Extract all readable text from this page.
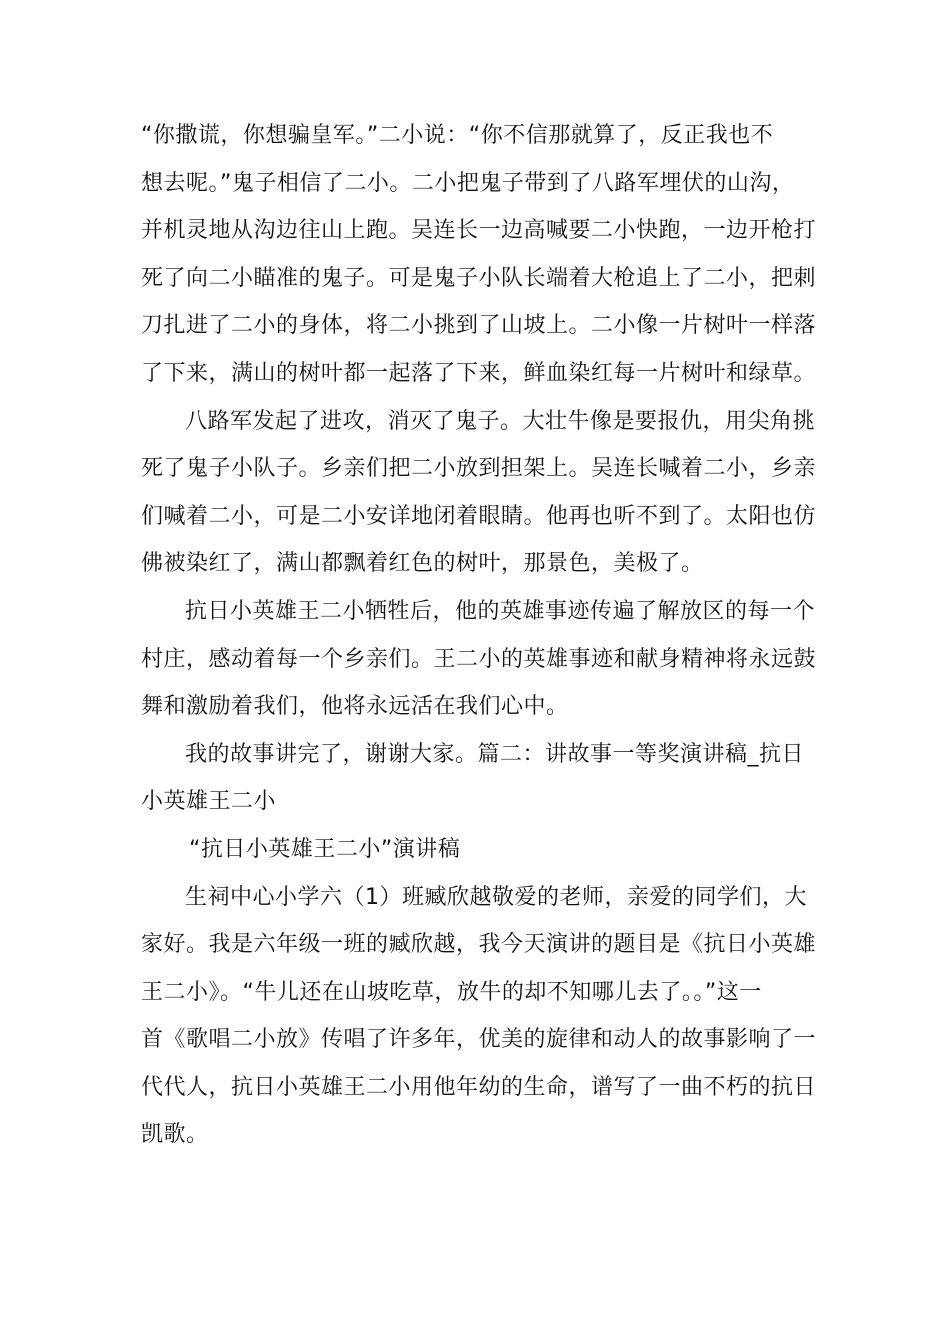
“你撒谎，你想骗皇军。”二小说：“你不信那就算了，反正我也不
想去呢。”鬼子相信了二小。二小把鬼子带到了八路军埋伏的山沟，
并机灵地从沟边往山上跑。吴连长一边高喊要二小快跑，一边开枪打
死了向二小瞄准的鬼子。可是鬼子小队长端着大枪追上了二小，把刺
刀扎进了二小的身体，将二小挑到了山坡上。二小像一片树叶一样落
了下来，满山的树叶都一起落了下来，鲜血染红每一片树叶和绿草。

八路军发起了进攻，消灭了鬼子。大壮牛像是要报仇，用尖角挑
死了鬼子小队子。乡亲们把二小放到担架上。吴连长喊着二小，乡亲
们喊着二小，可是二小安详地闭着眼睛。他再也听不到了。太阳也仿
佛被染红了，满山都飘着红色的树叶，那景色，美极了。

抗日小英雄王二小牺牲后，他的英雄事迹传遍了解放区的每一个
村庄，感动着每一个乡亲们。王二小的英雄事迹和献身精神将永远鼓
舞和激励着我们，他将永远活在我们心中。

我的故事讲完了，谢谢大家。篇二：讲故事一等奖演讲稿_抗日
小英雄王二小

“抗日小英雄王二小”演讲稿

生祠中心小学六（1）班臧欣越敬爱的老师，亲爱的同学们，大
家好。我是六年级一班的臧欣越，我今天演讲的题目是《抗日小英雄
王二小》。“牛儿还在山坡吃草，放牛的却不知哪儿去了。。”这一
首《歌唱二小放》传唱了许多年，优美的旋律和动人的故事影响了一
代代人，抗日小英雄王二小用他年幼的生命，谱写了一曲不朽的抗日
凯歌。
